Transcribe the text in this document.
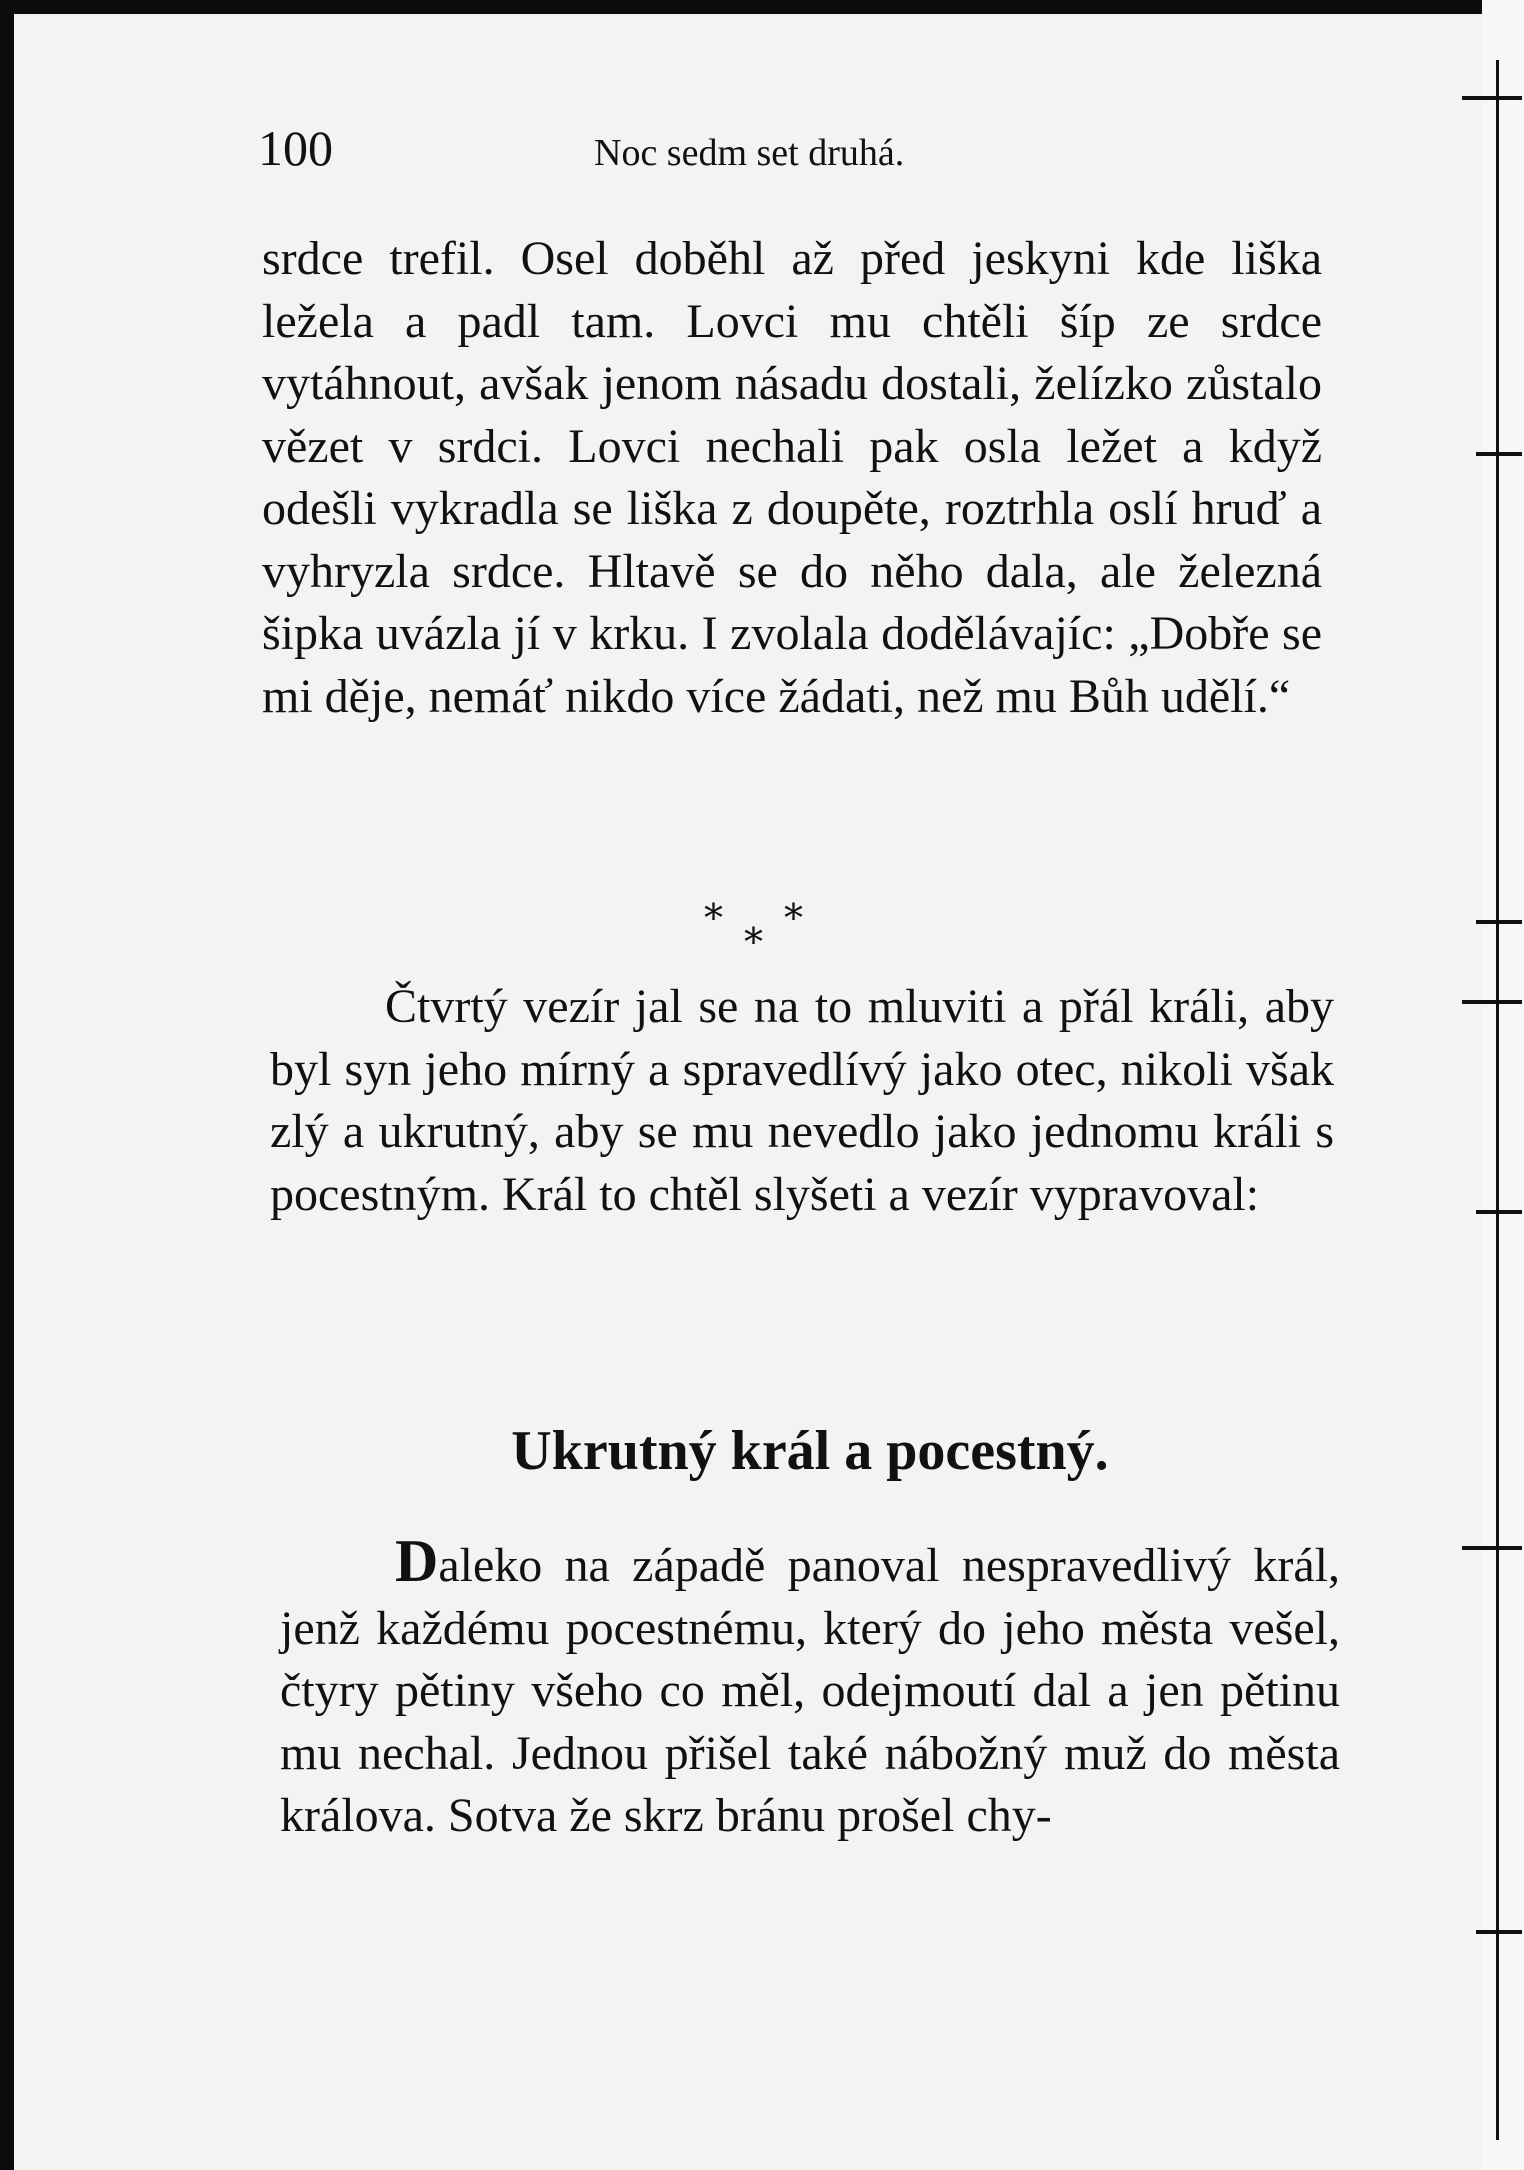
100	Noc sedm set druhá.

srdce trefil. Osel doběhl až před jeskyni kde liška ležela a padl tam. Lovci mu chtěli šíp ze srdce vytáhnout, avšak jenom násadu dostali, želízko zůstalo vězet v srdci. Lovci nechali pak osla ležet a když odešli vykradla se liška z doupěte, roztrhla oslí hruď a vyhryzla srdce. Hltavě se do něho dala, ale železná šipka uvázla jí v krku. I zvolala dodělávajíc: „Dobře se mi děje, nemáť nikdo více žádati, než mu Bůh udělí.“

*
*
*

Čtvrtý vezír jal se na to mluviti a přál králi, aby byl syn jeho mírný a spravedlívý jako otec, nikoli však zlý a ukrutný, aby se mu nevedlo jako jednomu králi s pocestným. Král to chtěl slyšeti a vezír vypravoval:

Ukrutný král a pocestný.

Daleko na západě panoval nespravedlivý král, jenž každému pocestnému, který do jeho města vešel, čtyry pětiny všeho co měl, odejmoutí dal a jen pětinu mu nechal. Jednou přišel také nábožný muž do města králova. Sotva že skrz bránu prošel chy-
